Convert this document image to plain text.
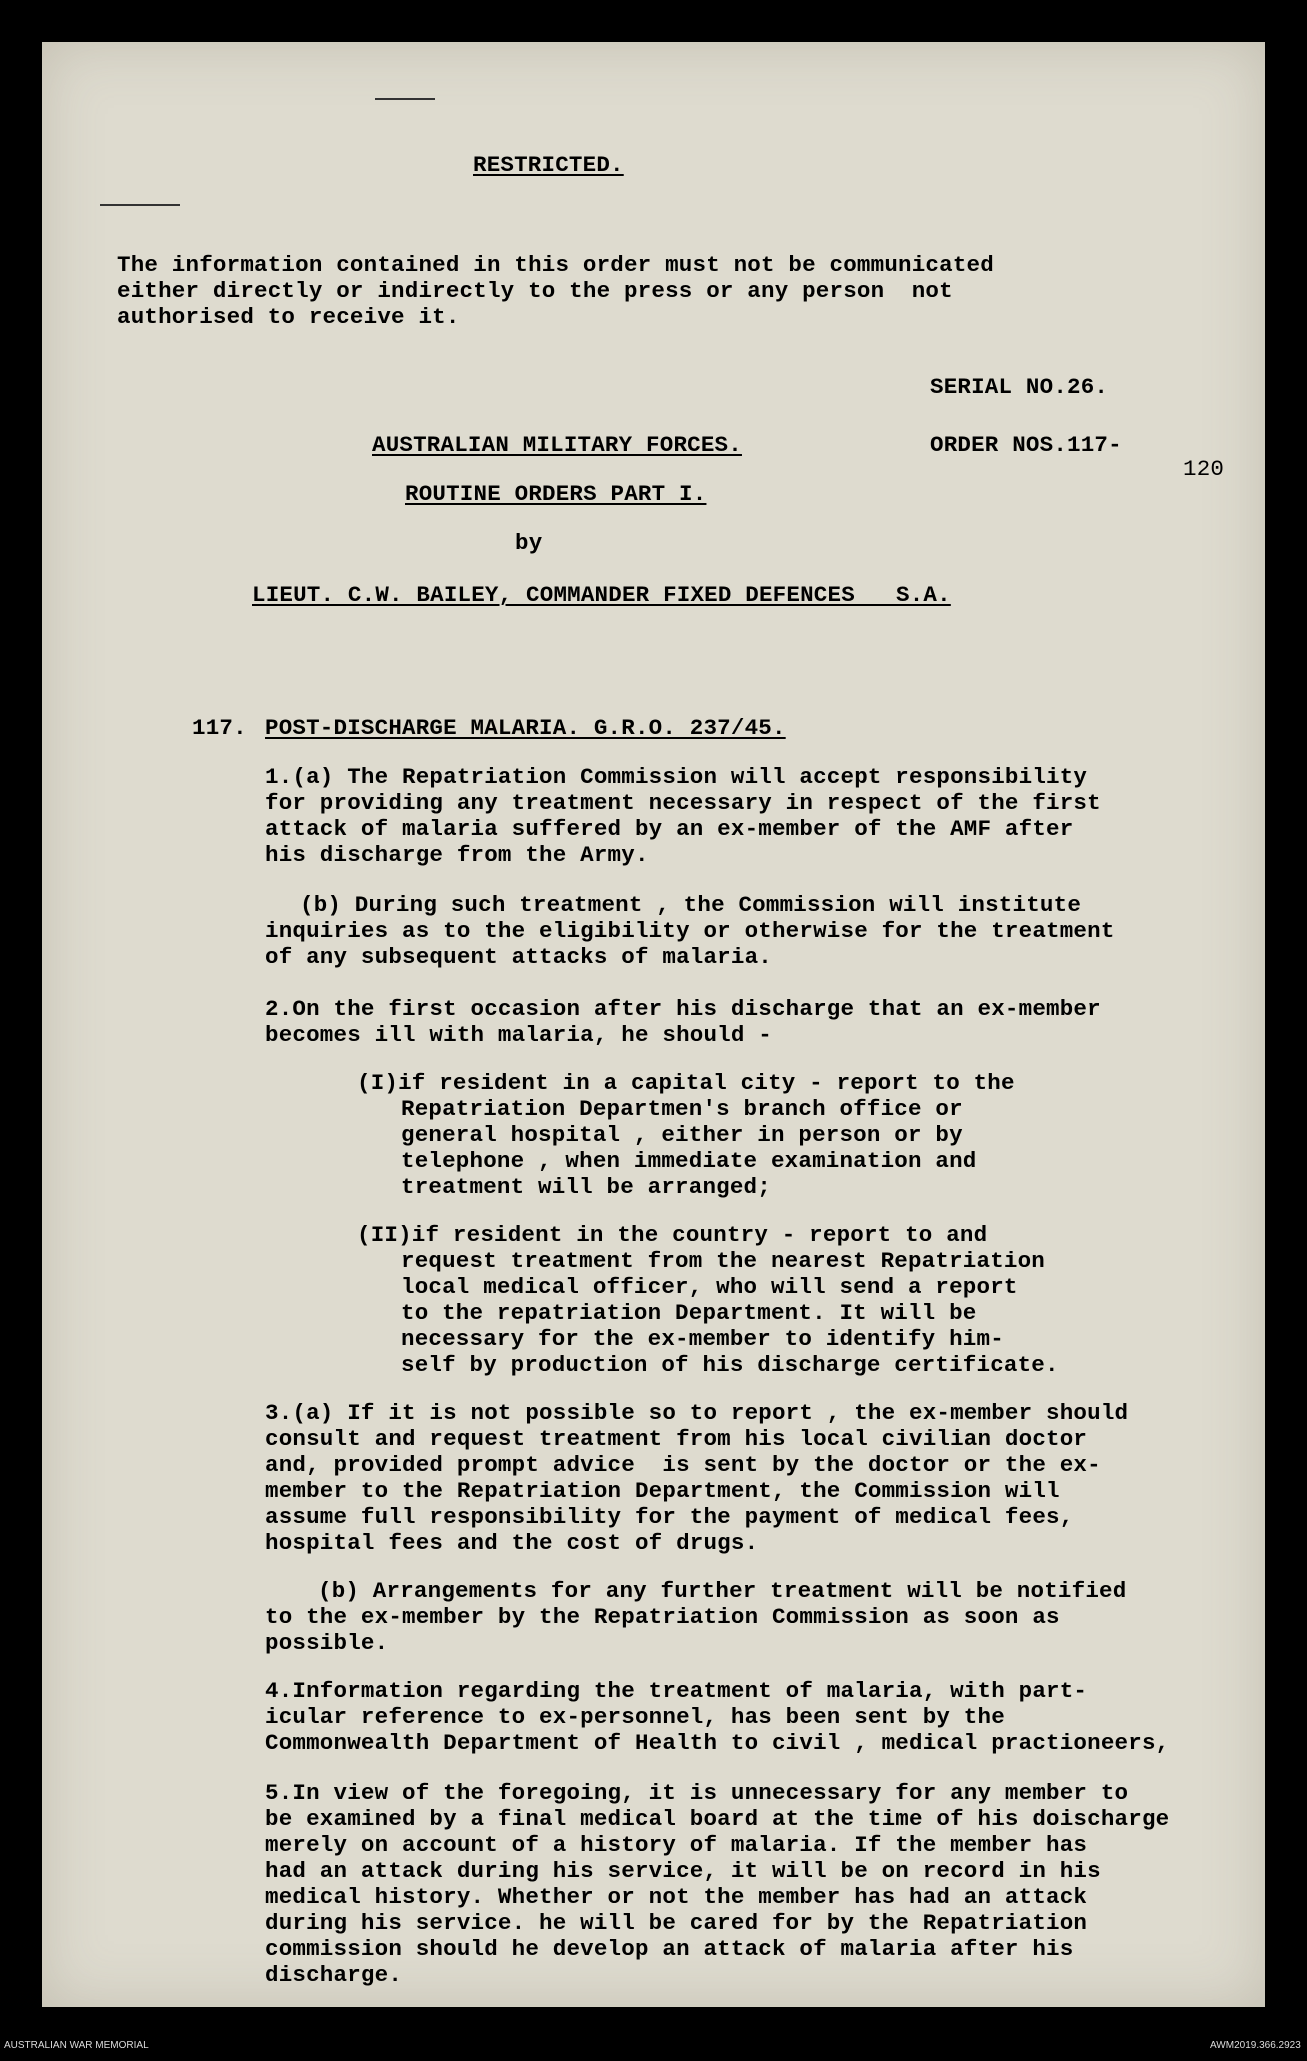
RESTRICTED.
The information contained in this order must not be communicated
either directly or indirectly to the press or any person  not
authorised to receive it.
SERIAL NO.26.
AUSTRALIAN MILITARY FORCES.	ORDER NOS.117-
120
ROUTINE ORDERS PART I.
by
LIEUT. C.W. BAILEY, COMMANDER FIXED DEFENCES   S.A.
117. POST-DISCHARGE MALARIA. G.R.O. 237/45.
1.(a) The Repatriation Commission will accept responsibility
for providing any treatment necessary in respect of the first
attack of malaria suffered by an ex-member of the AMF after
his discharge from the Army.
(b) During such treatment , the Commission will institute
inquiries as to the eligibility or otherwise for the treatment
of any subsequent attacks of malaria.
2.On the first occasion after his discharge that an ex-member
becomes ill with malaria, he should -
(I)if resident in a capital city - report to the
Repatriation Departmen's branch office or
general hospital , either in person or by
telephone , when immediate examination and
treatment will be arranged;
(II)if resident in the country - report to and
request treatment from the nearest Repatriation
local medical officer, who will send a report
to the repatriation Department. It will be
necessary for the ex-member to identify him-
self by production of his discharge certificate.
3.(a) If it is not possible so to report , the ex-member should
consult and request treatment from his local civilian doctor
and, provided prompt advice  is sent by the doctor or the ex-
member to the Repatriation Department, the Commission will
assume full responsibility for the payment of medical fees,
hospital fees and the cost of drugs.
(b) Arrangements for any further treatment will be notified
to the ex-member by the Repatriation Commission as soon as
possible.
4.Information regarding the treatment of malaria, with part-
icular reference to ex-personnel, has been sent by the
Commonwealth Department of Health to civil , medical practioneers,
5.In view of the foregoing, it is unnecessary for any member to
be examined by a final medical board at the time of his doischarge
merely on account of a history of malaria. If the member has
had an attack during his service, it will be on record in his
medical history. Whether or not the member has had an attack
during his service. he will be cared for by the Repatriation
commission should he develop an attack of malaria after his
discharge.
AUSTRALIAN WAR MEMORIAL	AWM2019.366.2923
